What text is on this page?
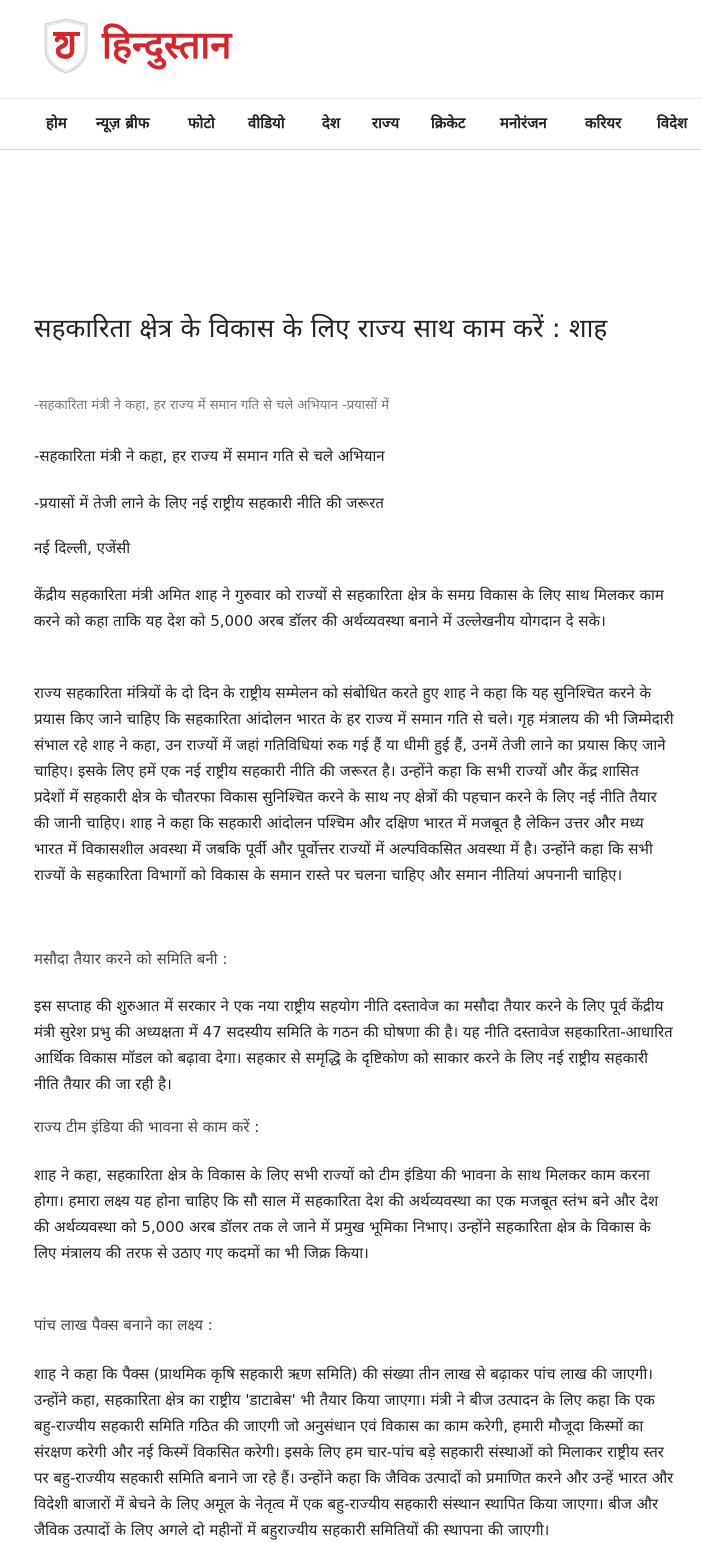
हिन्दुस्तान
होम न्यूज़ ब्रीफ	फोटो वीडियो देश राज्य क्रिकेट मनोरंजन	करियर विदेश
सहकारिता क्षेत्र के विकास के लिए राज्य साथ काम करें : शाह
-सहकारिता मंत्री ने कहा, हर राज्य में समान गति से चले अभियान -प्रयासों में

-सहकारिता मंत्री ने कहा, हर राज्य में समान गति से चले अभियान

-प्रयासों में तेजी लाने के लिए नई राष्ट्रीय सहकारी नीति की जरूरत

नई दिल्ली, एजेंसी

केंद्रीय सहकारिता मंत्री अमित शाह ने गुरुवार को राज्यों से सहकारिता क्षेत्र के समग्र विकास के लिए साथ मिलकर काम करने को कहा ताकि यह देश को 5,000 अरब डॉलर की अर्थव्यवस्था बनाने में उल्लेखनीय योगदान दे सके।

राज्य सहकारिता मंत्रियों के दो दिन के राष्ट्रीय सम्मेलन को संबोधित करते हुए शाह ने कहा कि यह सुनिश्चित करने के प्रयास किए जाने चाहिए कि सहकारिता आंदोलन भारत के हर राज्य में समान गति से चले। गृह मंत्रालय की भी जिम्मेदारी संभाल रहे शाह ने कहा, उन राज्यों में जहां गतिविधियां रुक गई हैं या धीमी हुई हैं, उनमें तेजी लाने का प्रयास किए जाने चाहिए। इसके लिए हमें एक नई राष्ट्रीय सहकारी नीति की जरूरत है। उन्होंने कहा कि सभी राज्यों और केंद्र शासित प्रदेशों में सहकारी क्षेत्र के चौतरफा विकास सुनिश्चित करने के साथ नए क्षेत्रों की पहचान करने के लिए नई नीति तैयार की जानी चाहिए। शाह ने कहा कि सहकारी आंदोलन पश्चिम और दक्षिण भारत में मजबूत है लेकिन उत्तर और मध्य भारत में विकासशील अवस्था में जबकि पूर्वी और पूर्वोत्तर राज्यों में अल्पविकसित अवस्था में है। उन्होंने कहा कि सभी राज्यों के सहकारिता विभागों को विकास के समान रास्ते पर चलना चाहिए और समान नीतियां अपनानी चाहिए।

मसौदा तैयार करने को समिति बनी :

इस सप्ताह की शुरुआत में सरकार ने एक नया राष्ट्रीय सहयोग नीति दस्तावेज का मसौदा तैयार करने के लिए पूर्व केंद्रीय मंत्री सुरेश प्रभु की अध्यक्षता में 47 सदस्यीय समिति के गठन की घोषणा की है। यह नीति दस्तावेज सहकारिता-आधारित आर्थिक विकास मॉडल को बढ़ावा देगा। सहकार से समृद्धि के दृष्टिकोण को साकार करने के लिए नई राष्ट्रीय सहकारी नीति तैयार की जा रही है।

राज्य टीम इंडिया की भावना से काम करें :

शाह ने कहा, सहकारिता क्षेत्र के विकास के लिए सभी राज्यों को टीम इंडिया की भावना के साथ मिलकर काम करना होगा। हमारा लक्ष्य यह होना चाहिए कि सौ साल में सहकारिता देश की अर्थव्यवस्था का एक मजबूत स्तंभ बने और देश की अर्थव्यवस्था को 5,000 अरब डॉलर तक ले जाने में प्रमुख भूमिका निभाए। उन्होंने सहकारिता क्षेत्र के विकास के लिए मंत्रालय की तरफ से उठाए गए कदमों का भी जिक्र किया।

पांच लाख पैक्स बनाने का लक्ष्य :

शाह ने कहा कि पैक्स (प्राथमिक कृषि सहकारी ऋण समिति) की संख्या तीन लाख से बढ़ाकर पांच लाख की जाएगी। उन्होंने कहा, सहकारिता क्षेत्र का राष्ट्रीय 'डाटाबेस' भी तैयार किया जाएगा। मंत्री ने बीज उत्पादन के लिए कहा कि एक बहु-राज्यीय सहकारी समिति गठित की जाएगी जो अनुसंधान एवं विकास का काम करेगी, हमारी मौजूदा किस्मों का संरक्षण करेगी और नई किस्में विकसित करेगी। इसके लिए हम चार-पांच बड़े सहकारी संस्थाओं को मिलाकर राष्ट्रीय स्तर पर बहु-राज्यीय सहकारी समिति बनाने जा रहे हैं। उन्होंने कहा कि जैविक उत्पादों को प्रमाणित करने और उन्हें भारत और विदेशी बाजारों में बेचने के लिए अमूल के नेतृत्व में एक बहु-राज्यीय सहकारी संस्थान स्थापित किया जाएगा। बीज और जैविक उत्पादों के लिए अगले दो महीनों में बहुराज्यीय सहकारी समितियों की स्थापना की जाएगी।
